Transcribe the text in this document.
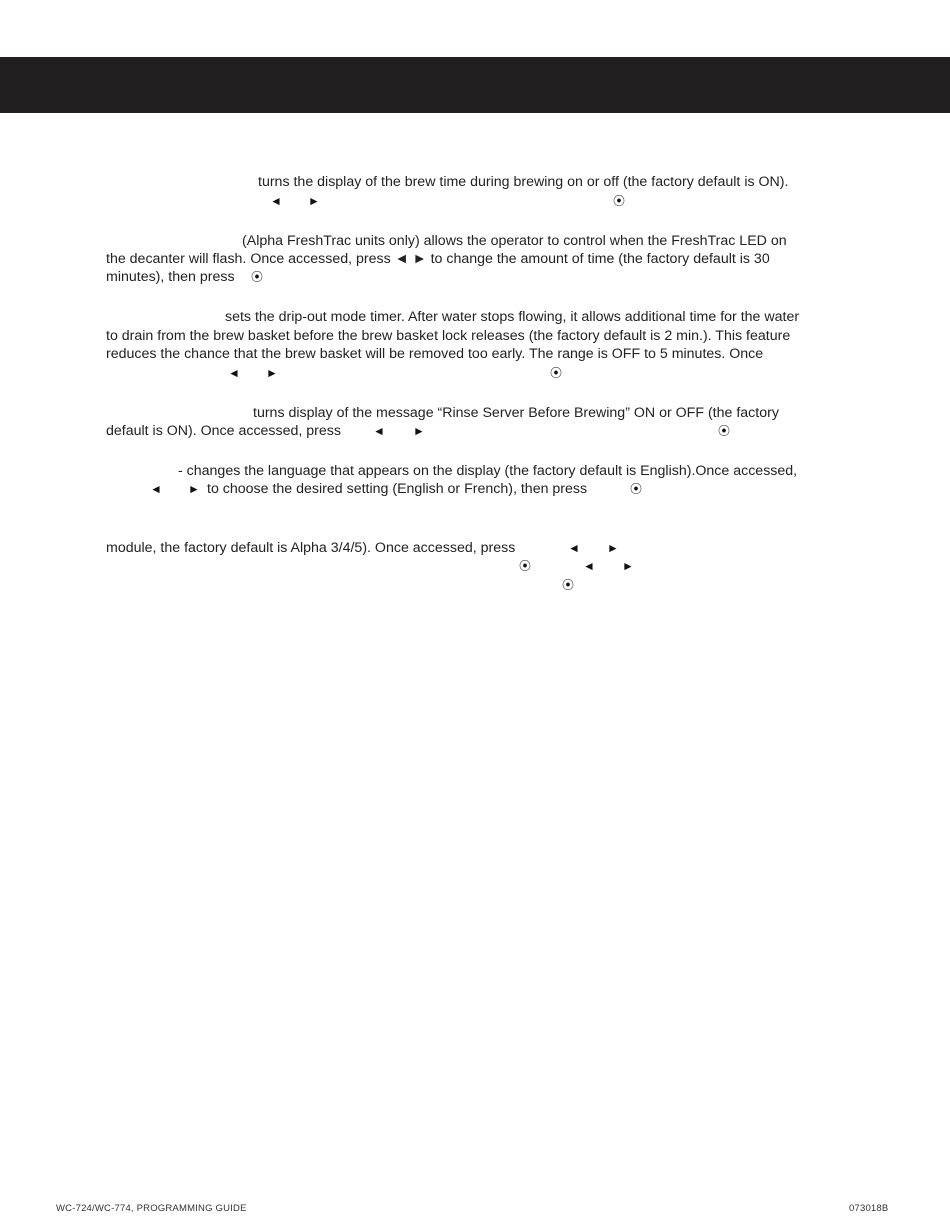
turns the display of the brew time during brewing on or off (the factory default is ON).
◄ ►	⦿
(Alpha FreshTrac units only) allows the operator to control when the FreshTrac LED on
the decanter will flash. Once accessed, press ◄ ► to change the amount of time (the factory default is 30
minutes), then press ⦿
sets the drip-out mode timer. After water stops flowing, it allows additional time for the water
to drain from the brew basket before the brew basket lock releases (the factory default is 2 min.). This feature
reduces the chance that the brew basket will be removed too early. The range is OFF to 5 minutes. Once
◄ ►	⦿
turns display of the message “Rinse Server Before Brewing” ON or OFF (the factory
default is ON). Once accessed, press	◄ ►	⦿
- changes the language that appears on the display (the factory default is English).Once accessed,
◄ ► to choose the desired setting (English or French), then press	⦿
module, the factory default is Alpha 3/4/5). Once accessed, press	◄ ►
⦿	◄ ►
⦿
WC-724/WC-774, PROGRAMMING GUIDE	073018B
